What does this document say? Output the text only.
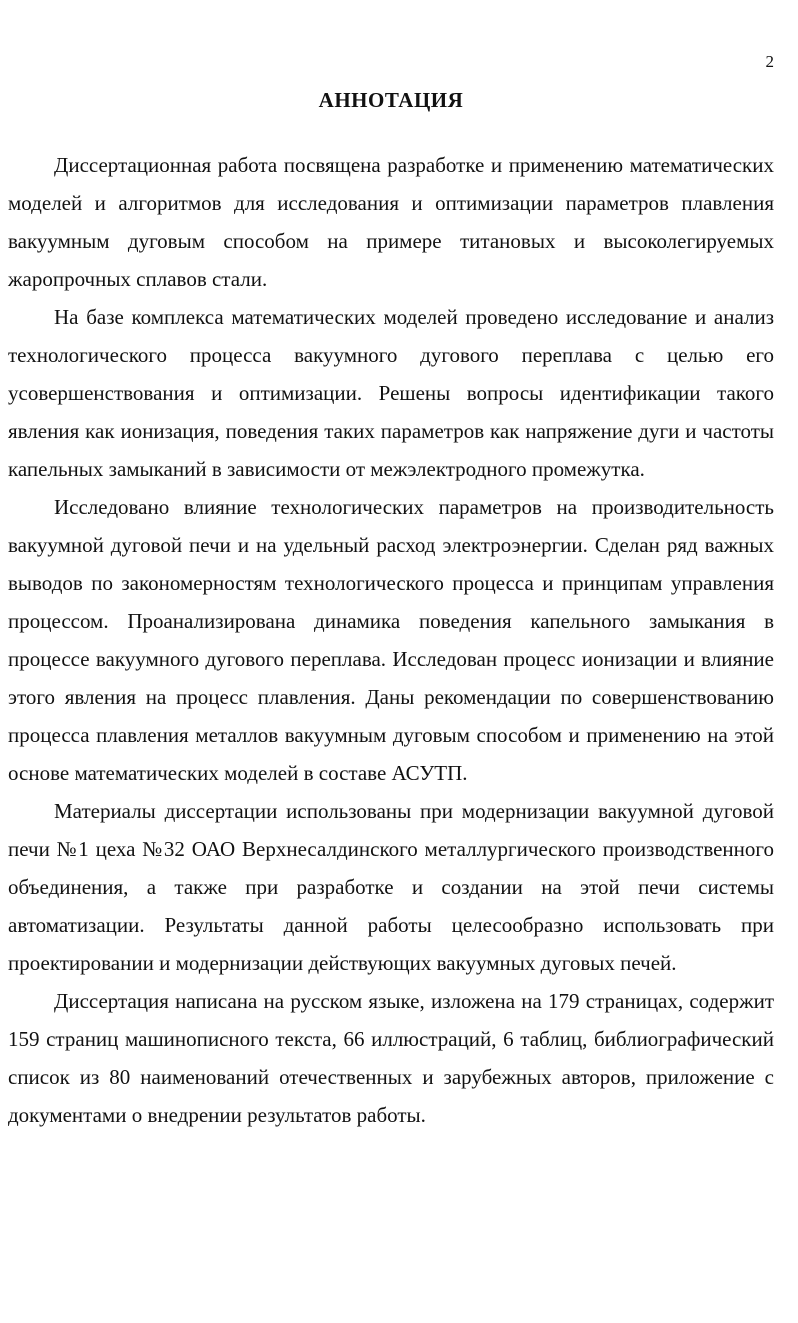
2
АННОТАЦИЯ

Диссертационная работа посвящена разработке и применению математических моделей и алгоритмов для исследования и оптимизации параметров плавления вакуумным дуговым способом на примере титановых и высоколегируемых жаропрочных сплавов стали.

На базе комплекса математических моделей проведено исследование и анализ технологического процесса вакуумного дугового переплава с целью его усовершенствования и оптимизации. Решены вопросы идентификации такого явления как ионизация, поведения таких параметров как напряжение дуги и частоты капельных замыканий в зависимости от межэлектродного промежутка.

Исследовано влияние технологических параметров на производительность вакуумной дуговой печи и на удельный расход электроэнергии. Сделан ряд важных выводов по закономерностям технологического процесса и принципам управления процессом. Проанализирована динамика поведения капельного замыкания в процессе вакуумного дугового переплава. Исследован процесс ионизации и влияние этого явления на процесс плавления. Даны рекомендации по совершенствованию процесса плавления металлов вакуумным дуговым способом и применению на этой основе математических моделей в составе АСУТП.

Материалы диссертации использованы при модернизации вакуумной дуговой печи №1 цеха №32 ОАО Верхнесалдинского металлургического производственного объединения, а также при разработке и создании на этой печи системы автоматизации. Результаты данной работы целесообразно использовать при проектировании и модернизации действующих вакуумных дуговых печей.

Диссертация написана на русском языке, изложена на 179 страницах, содержит 159 страниц машинописного текста, 66 иллюстраций, 6 таблиц, библиографический список из 80 наименований отечественных и зарубежных авторов, приложение с документами о внедрении результатов работы.
